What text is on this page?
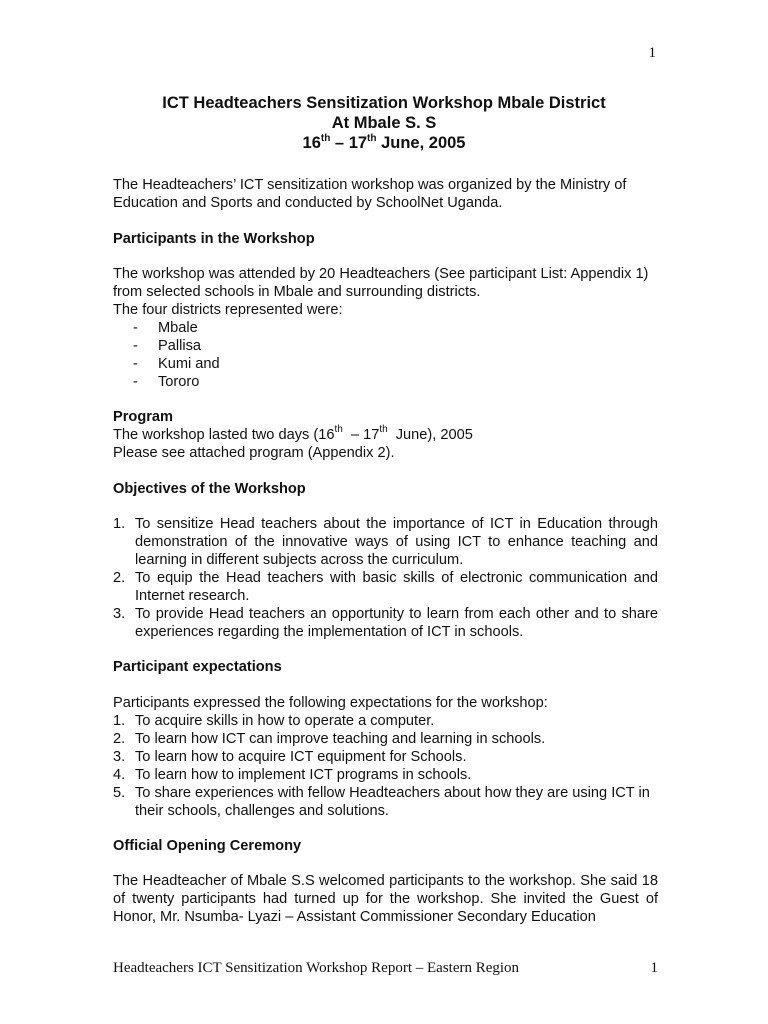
1
ICT Headteachers Sensitization Workshop Mbale District
At Mbale S. S
16th – 17th June, 2005
The Headteachers’ ICT sensitization workshop was organized by the Ministry of Education and Sports and conducted by SchoolNet Uganda.
Participants in the Workshop
The workshop was attended by 20 Headteachers (See participant List: Appendix 1) from selected schools in Mbale and surrounding districts.
The four districts represented were:
- Mbale
- Pallisa
- Kumi and
- Tororo
Program
The workshop lasted two days (16th  – 17th  June), 2005
Please see attached program (Appendix 2).
Objectives of the Workshop
1. To sensitize Head teachers about the importance of ICT in Education through demonstration of the innovative ways of using ICT to enhance teaching and learning in different subjects across the curriculum.
2. To equip the Head teachers with basic skills of electronic communication and Internet research.
3. To provide Head teachers an opportunity to learn from each other and to share experiences regarding the implementation of ICT in schools.
Participant expectations
Participants expressed the following expectations for the workshop:
1. To acquire skills in how to operate a computer.
2. To learn how ICT can improve teaching and learning in schools.
3. To learn how to acquire ICT equipment for Schools.
4. To learn how to implement ICT programs in schools.
5. To share experiences with fellow Headteachers about how they are using ICT in their schools, challenges and solutions.
Official Opening Ceremony
The Headteacher of Mbale S.S welcomed participants to the workshop. She said 18 of twenty participants had turned up for the workshop. She invited the Guest of Honor, Mr. Nsumba- Lyazi – Assistant Commissioner Secondary Education
Headteachers ICT Sensitization Workshop Report – Eastern Region	1
